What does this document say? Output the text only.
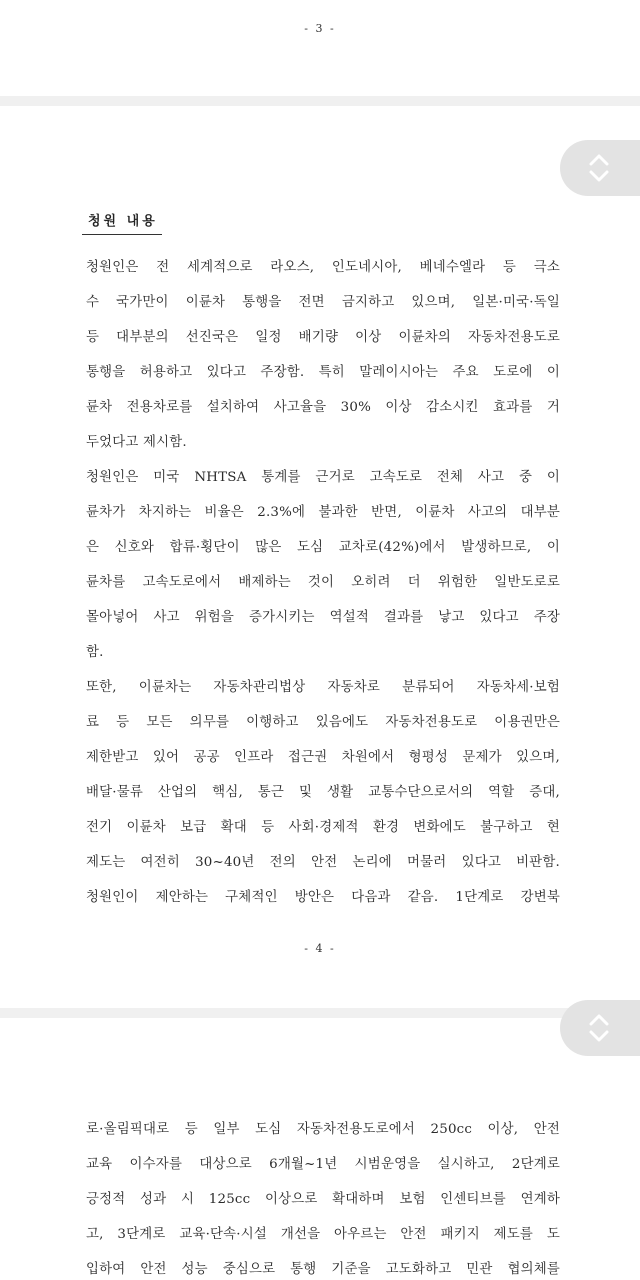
- 3 -
청원 내용
청원인은 전 세계적으로 라오스, 인도네시아, 베네수엘라 등 극소
수 국가만이 이륜차 통행을 전면 금지하고 있으며, 일본·미국·독일
등 대부분의 선진국은 일정 배기량 이상 이륜차의 자동차전용도로
통행을 허용하고 있다고 주장함. 특히 말레이시아는 주요 도로에 이
륜차 전용차로를 설치하여 사고율을 30% 이상 감소시킨 효과를 거
두었다고 제시함.
청원인은 미국 NHTSA 통계를 근거로 고속도로 전체 사고 중 이
륜차가 차지하는 비율은 2.3%에 불과한 반면, 이륜차 사고의 대부분
은 신호와 합류·횡단이 많은 도심 교차로(42%)에서 발생하므로, 이
륜차를 고속도로에서 배제하는 것이 오히려 더 위험한 일반도로로
몰아넣어 사고 위험을 증가시키는 역설적 결과를 낳고 있다고 주장
함.
또한, 이륜차는 자동차관리법상 자동차로 분류되어 자동차세·보험
료 등 모든 의무를 이행하고 있음에도 자동차전용도로 이용권만은
제한받고 있어 공공 인프라 접근권 차원에서 형평성 문제가 있으며,
배달·물류 산업의 핵심, 통근 및 생활 교통수단으로서의 역할 증대,
전기 이륜차 보급 확대 등 사회·경제적 환경 변화에도 불구하고 현
제도는 여전히 30~40년 전의 안전 논리에 머물러 있다고 비판함.
청원인이 제안하는 구체적인 방안은 다음과 같음. 1단계로 강변북
- 4 -
로·올림픽대로 등 일부 도심 자동차전용도로에서 250cc 이상, 안전
교육 이수자를 대상으로 6개월~1년 시범운영을 실시하고, 2단계로
긍정적 성과 시 125cc 이상으로 확대하며 보험 인센티브를 연계하
고, 3단계로 교육·단속·시설 개선을 아우르는 안전 패키지 제도를 도
입하여 안전 성능 중심으로 통행 기준을 고도화하고 민관 협의체를
